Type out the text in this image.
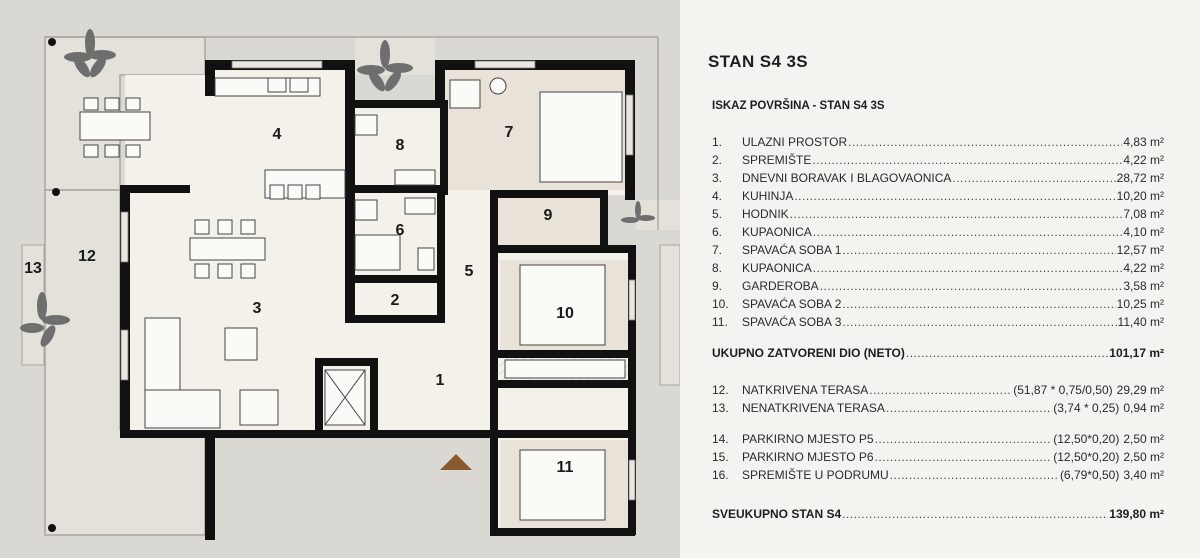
1
2
3
4
5
6
7
8
9
10
11
12
13
STAN S4 3S
ISKAZ POVRŠINA - STAN S4 3S
1.	ULAZNI PROSTOR .....	4,83 m²
2.	SPREMIŠTE .....	4,22 m²
3.	DNEVNI BORAVAK I BLAGOVAONICA .....	28,72 m²
4.	KUHINJA .....	10,20 m²
5.	HODNIK .....	7,08 m²
6.	KUPAONICA .....	4,10 m²
7.	SPAVAĆA SOBA 1 .....	12,57 m²
8.	KUPAONICA .....	4,22 m²
9.	GARDEROBA .....	3,58 m²
10.	SPAVAĆA SOBA 2 .....	10,25 m²
11.	SPAVAĆA SOBA 3 .....	11,40 m²
UKUPNO ZATVORENI DIO (NETO) .....	101,17 m²
12.	NATKRIVENA TERASA .....	(51,87 * 0,75/0,50) 29,29 m²
13.	NENATKRIVENA TERASA .....	(3,74 * 0,25) 0,94 m²
14.	PARKIRNO MJESTO P5 .....	(12,50*0,20) 2,50 m²
15.	PARKIRNO MJESTO P6 .....	(12,50*0,20) 2,50 m²
16.	SPREMIŠTE U PODRUMU .....	(6,79*0,50) 3,40 m²
SVEUKUPNO STAN S4 .....	139,80 m²
